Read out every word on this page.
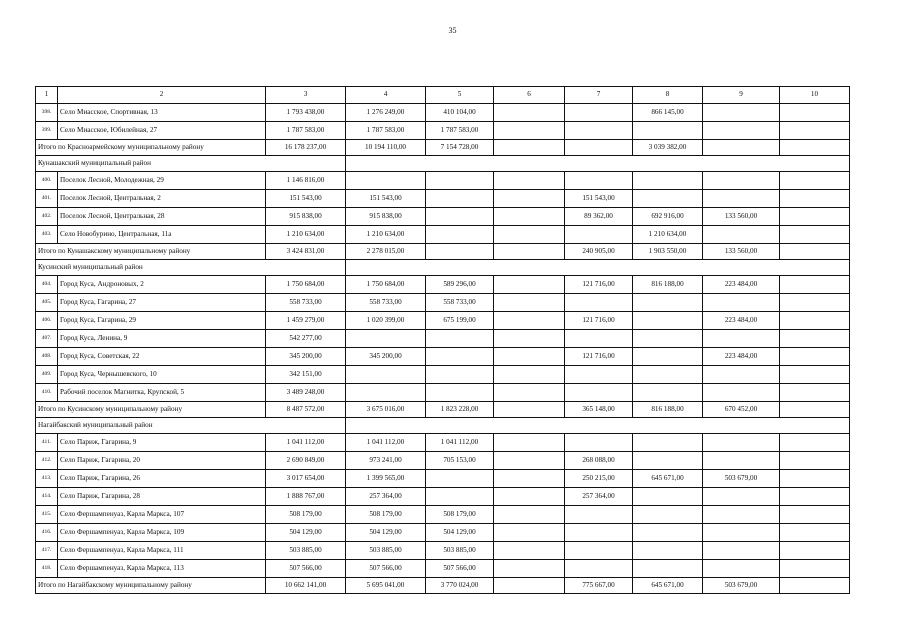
35
1	2	3	4	5	6	7	8	9	10
398.	Село Миасское, Спортивная, 13	1 793 438,00	1 276 249,00	410 104,00			866 145,00		
399.	Село Миасское, Юбилейная, 27	1 787 583,00	1 787 583,00	1 787 583,00					
Итого по Красноармейскому муниципальному району		16 178 237,00	10 194 110,00	7 154 728,00			3 039 382,00		
Кунашакский муниципальный район									
400.	Поселок Лесной, Молодежная, 29	1 146 816,00							
401.	Поселок Лесной, Центральная, 2	151 543,00	151 543,00			151 543,00			
402.	Поселок Лесной, Центральная, 28	915 838,00	915 838,00			89 362,00	692 916,00	133 560,00	
403.	Село Новобурино, Центральная, 11а	1 210 634,00	1 210 634,00				1 210 634,00		
Итого по Кунашакскому муниципальному району		3 424 831,00	2 278 015,00			240 905,00	1 903 550,00	133 560,00	
Кусинский муниципальный район									
404.	Город Куса, Андроновых, 2	1 750 684,00	1 750 684,00	589 296,00		121 716,00	816 188,00	223 484,00	
405.	Город Куса, Гагарина, 27	558 733,00	558 733,00	558 733,00					
406.	Город Куса, Гагарина, 29	1 459 279,00	1 020 399,00	675 199,00		121 716,00		223 484,00	
407.	Город Куса, Ленина, 9	542 277,00							
408.	Город Куса, Советская, 22	345 200,00	345 200,00			121 716,00		223 484,00	
409.	Город Куса, Чернышевского, 10	342 151,00							
410.	Рабочий поселок Магнитка, Крупской, 5	3 489 248,00							
Итого по Кусинскому муниципальному району		8 487 572,00	3 675 016,00	1 823 228,00		365 148,00	816 188,00	670 452,00	
Нагайбакский муниципальный район									
411.	Село Париж, Гагарина, 9	1 041 112,00	1 041 112,00	1 041 112,00					
412.	Село Париж, Гагарина, 20	2 690 849,00	973 241,00	705 153,00		268 088,00			
413.	Село Париж, Гагарина, 26	3 017 654,00	1 399 565,00			250 215,00	645 671,00	503 679,00	
414.	Село Париж, Гагарина, 28	1 888 767,00	257 364,00			257 364,00			
415.	Село Фершампенуаз, Карла Маркса, 107	508 179,00	508 179,00	508 179,00					
416.	Село Фершампенуаз, Карла Маркса, 109	504 129,00	504 129,00	504 129,00					
417.	Село Фершампенуаз, Карла Маркса, 111	503 885,00	503 885,00	503 885,00					
418.	Село Фершампенуаз, Карла Маркса, 113	507 566,00	507 566,00	507 566,00					
Итого по Нагайбакскому муниципальному району		10 662 141,00	5 695 041,00	3 770 024,00		775 667,00	645 671,00	503 679,00	
